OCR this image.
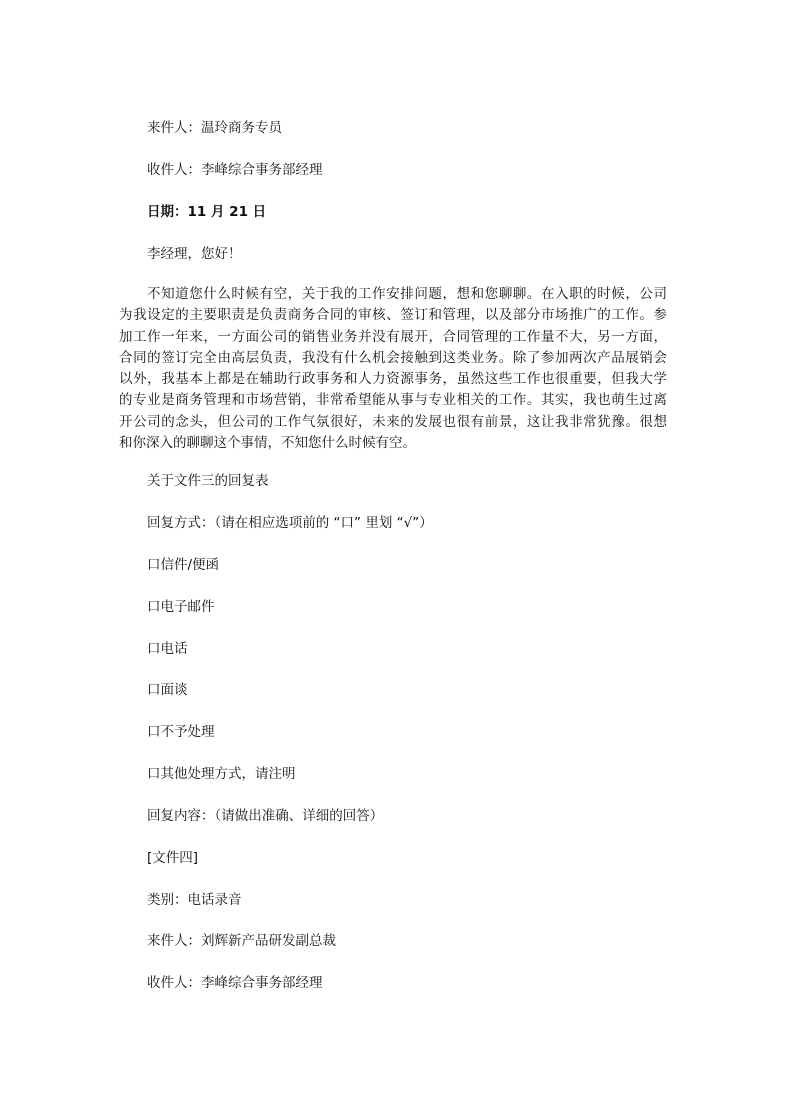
来件人：温玲商务专员
收件人：李峰综合事务部经理
日期：11 月 21 日
李经理，您好！
不知道您什么时候有空，关于我的工作安排问题，想和您聊聊。在入职的时候，公司
为我设定的主要职责是负责商务合同的审核、签订和管理，以及部分市场推广的工作。参
加工作一年来，一方面公司的销售业务并没有展开，合同管理的工作量不大，另一方面，
合同的签订完全由高层负责，我没有什么机会接触到这类业务。除了参加两次产品展销会
以外，我基本上都是在辅助行政事务和人力资源事务，虽然这些工作也很重要，但我大学
的专业是商务管理和市场营销，非常希望能从事与专业相关的工作。其实，我也萌生过离
开公司的念头，但公司的工作气氛很好，未来的发展也很有前景，这让我非常犹豫。很想
和你深入的聊聊这个事情，不知您什么时候有空。
关于文件三的回复表
回复方式：（请在相应选项前的 “口” 里划 “√”）
口信件/便函
口电子邮件
口电话
口面谈
口不予处理
口其他处理方式，请注明
回复内容：（请做出准确、详细的回答）
[文件四]
类别：电话录音
来件人：刘辉新产品研发副总裁
收件人：李峰综合事务部经理
